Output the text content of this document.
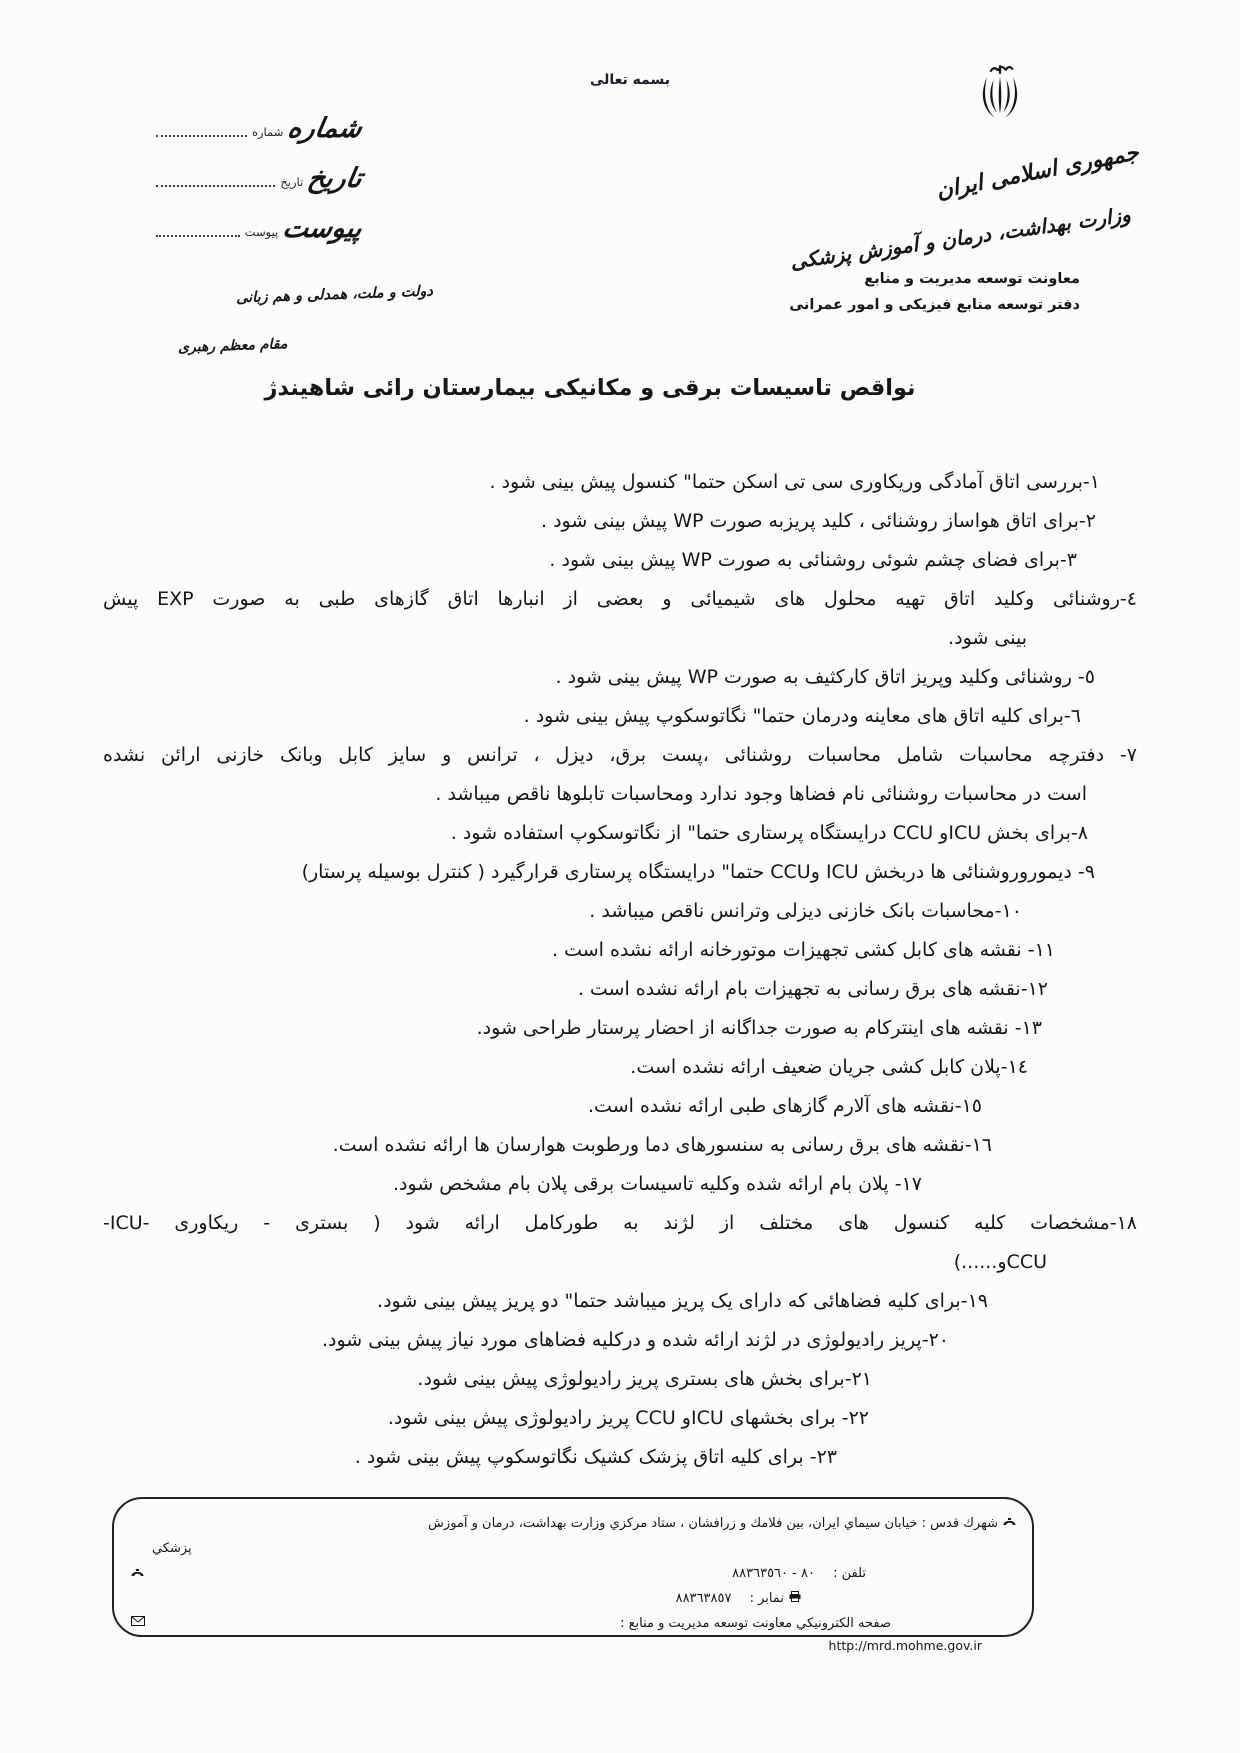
بسمه تعالی
جمهوری اسلامی ایران
وزارت بهداشت، درمان و آموزش پزشکی
معاونت توسعه مدیریت و منابع
دفتر توسعه منابع فیزیکی و امور عمرانی
شماره
شماره
تاریخ
تاریخ
پیوست
پیوست
دولت و ملت، همدلی و هم زبانی
مقام معظم رهبری
نواقص تاسیسات برقی و مکانیکی بیمارستان رائی شاهیندژ
۱-بررسی اتاق آمادگی وریکاوری سی تی اسکن حتما" کنسول پیش بینی شود .
۲-برای اتاق هواساز روشنائی ، کلید پریزبه صورت WP پیش بینی شود .
۳-برای فضای چشم شوئی روشنائی به صورت WP پیش بینی شود .
٤-روشنائی وکلید اتاق تهیه محلول های شیمیائی و بعضی از انبارها اتاق گازهای طبی به صورت EXP پیش
بینی شود.
٥- روشنائی وکلید وپریز اتاق کارکثیف به صورت WP پیش بینی شود .
٦-برای کلیه اتاق های معاینه ودرمان حتما" نگاتوسکوپ پیش بینی شود .
۷- دفترچه محاسبات شامل محاسبات روشنائی ،پست برق، دیزل ، ترانس و سایز کابل وبانک خازنی ارائن نشده
است در محاسبات روشنائی نام فضاها وجود ندارد ومحاسبات تابلوها ناقص میباشد .
۸-برای بخش ICUو CCU درایستگاه پرستاری حتما" از نگاتوسکوپ استفاده شود .
۹- دیموروروشنائی ها دربخش ICU وCCU حتما" درایستگاه پرستاری قرارگیرد ( کنترل بوسیله پرستار)
۱۰-محاسبات بانک خازنی دیزلی وترانس ناقص میباشد .
۱۱- نقشه های کابل کشی تجهیزات موتورخانه ارائه نشده است .
۱۲-نقشه های برق رسانی به تجهیزات بام ارائه نشده است .
۱۳- نقشه های اینترکام به صورت جداگانه از احضار پرستار طراحی شود.
١٤-پلان کابل کشی جریان ضعیف ارائه نشده است.
۱٥-نقشه های آلارم گازهای طبی ارائه نشده است.
۱٦-نقشه های برق رسانی به سنسورهای دما ورطوبت هوارسان ها ارائه نشده است.
۱۷- پلان بام ارائه شده وکلیه تاسیسات برقی پلان بام مشخص شود.
۱۸-مشخصات کلیه کنسول های مختلف از لژند به طورکامل ارائه شود ( بستری - ریکاوری -ICU-
CCUو......)
۱۹-برای کلیه فضاهائی که دارای یک پریز میباشد حتما" دو پریز پیش بینی شود.
۲۰-پریز رادیولوژی در لژند ارائه شده و درکلیه فضاهای مورد نیاز پیش بینی شود.
۲۱-برای بخش های بستری پریز رادیولوژی پیش بینی شود.
۲۲- برای بخشهای ICUو CCU پریز رادیولوژی پیش بینی شود.
۲۳- برای کلیه اتاق پزشک کشیک نگاتوسکوپ پیش بینی شود .
شهرك قدس : خيابان سيماي ايران، بين فلامك و زرافشان ، ستاد مركزي وزارت بهداشت، درمان و آموزش
پزشكي
تلفن : ٨٠ - ٨٨٣٦٣٥٦٠
نمابر : ٨٨٣٦٣٨٥٧
صفحه الكترونيكي معاونت توسعه مديريت و منابع :
http://mrd.mohme.gov.ir
